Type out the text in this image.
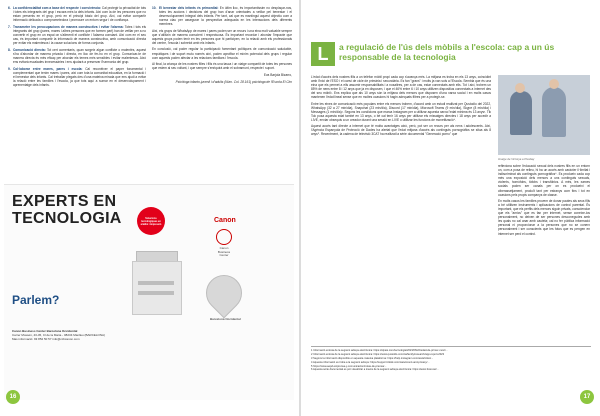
6. La confidencialitat com a base del respecte i convivència: Cal protegir la privacitat de tots i totes els integrants del grup i escara més la dels infants. Així com la de les persones que no estan presents en el grup, però en el principi bàsic del grup. Així, cal evitar compartir informació delicada o comprometedora i promoure un entorn segur i de confiança.
7. Transmetre les preocupacions de manera constructiva i evitar l'alarma: Totes i tots els integrants del grup (pares, mares i altres persones que en formen part) han de vetllar per a no convertir el grup en un espai on s'alimenti el conflicte i l'alarma constant. Així com en el seu cas, és important compartir la informació de manera constructiva, amb comunicació directa per evitar els malentesos i la cause solucions de forma conjunta.
8. Comunicació directa: Tot cert comentaris, quan sorgeix algun conflicte o malentès, aquest s'ha d'abordar de manera privada i directa, en lloc de fer-ho en el grup. Comunicar-te de manera directa és més eficaç per abordar els temes més sensibles i evitar malentesos. Això ens evitarà escalades innecessàries i ens ajudarà a preservar l'harmonia del grup.
9. Col·laborar entre mares, pares i escola: Cal reconèixer el paper fonamental i complementari que tenim mares i pares, així com tota la comunitat educativa, en la formació i el benestar dels infants. Cal treballar plegats des d'una mateixa mirada que ens ajudi a evitar la relació entre les famílies i l'escola, ja que tots aquí a sumar en el desenvolupament i aprenentatge dels infants.
10. El benestar dels infants és primordial: En últim lloc, és importantíssim no desplaçar-nos, totes les accions i decisions del grup han d'anar orientades a vetllar pel benestar i el desenvolupament integral dels infants. Per tant, cal que es mantingui aquest objectiu com a norma clau per assegurar la perspectiva adequada en les interaccions dels diferents membres.

Així, els grups de WhatsApp de mares i pares poden ser un recurs i una eina molt valuable sempre que s'utilitzin de manera conscient i respectuosa. És important recordar i abordar l'impacte que aquests grups poden tenir en les persones que hi participen, en la relació amb els professionals del centre, l'escola i sobretot amb els infants.

En conclusió, cal poder regular la participació fomentant polítiques de comunicació saludable, empàtiques i de suport mutu només així, poden aprofitar el mínim potencial dels grups i regular com aquests poden afectar a les relacions familiars i l'escola.

Al final, la criança de les nostres filles i fills és una tasca i un viatge compartit de totes les persones que estem al seu voltant, i que sempre s'enriquirà amb el sobramunt, respecte i suport.

Eva Barjola Bizarro,
Psicòloga infanto-juvenil i d'adults (Núm. Col. 28.161) psicòloga de l'Escola El Cim
EXPERTS EN
TECNOLOGIA	Solucions tecnològiques en anàlisi i impressió	Canon
Canon
Business
Center
Barcelona Occidental
Parlem?
Canon Business Center Barcelona Occidental
Carrer Mossèn, 43-45, Cl de la Maria - 08234 Manlleu (BARCELONA)
Mas informació: 93 852 50 57 info@ccbcanon.com
16
L	a regulació de l'ús dels mòbils a l'escola: cap a un ús responsable de la tecnologia

L'edat d'accés dels nostres fills a un telèfon mòbil propi cada cop s'avança més. La mitjana es troba en els 13 anys, coincidint amb l'inici de l'ESO i el canvi de cicle de primària i secundària. Es fan "grans" i molts ja van sols a l'Escola. Sembla que és una eina que els permet a ells assumir responsabilitats i a nosaltres, per a de cas, estar connectats amb ells. Tot i així, trobem un 85% de nens entre 8 i 12 anys que ja en disposen, i que el 46% entre 6 i 10 anys utilitzen dispositius connectats a internet des del seu mòbil¹. Ens explica que als 10 anys són la mitjana dels menors que disposen d'una xarxa social i en molts casos mantenen l'edat lineal sense que en moltes ocasions hi hagin adequats filtres per a protegir-se.

Entre les eines de comunicació més populars entre els menors trobem, d'acord amb un estudi realitzat per Qustodio del 2022, WhatsApp (32 a 27 min/dia), Snapchat (23 min/dia), Discord (17 min/dia), Microsoft Teams (9 min/dia), Skype (8 min/dia) i Messages (1 min/dia)². Segons les condicions que marca Instagram per a utilitzar aquesta xarxa l'edat mínima és 13 anys³. Tik Tok posa aquesta edat també en 13 anys, o bé cal tenir 16 anys per utilitzar els missatges directes i 18 anys per accedir a LIVE, enviar obsequis a un creador durant una sessió en LIVE o utilitzar les funcions de monetització⁴.

Aquest accés tant directe a internet que té molta avantatges això, però, pot ser un recurs per als nens i adolescents. Així, l'Agència Espanyola de Protecció de Dades ha alertat que l'edat mitjana d'accés als continguts pornogràfics se situa als 8 anys⁵. Recentment, la cadena de televisió 3CAT ha realitzat la sèrie documental "Generació porno" que

Imatge de Victorya a Pixabay

reflexiona sobre l'educació sexual dels nostres fills en un entorn on, com a posa de relleu, hi ha un accés amb caràcter il·limitat i indiscriminat als continguts pornogràfics⁶. Es produeix cada cop més una exposició dels menors a uns continguts sexuals, violents, homòfobs, tòfobs i transfòbics. A més, les xarxes socials poden ser canals per on es produeixi el ciberassetjament, produït tant per estranys com fins i tot en ocasions pels propis companys de classe.

En molts casos les famílies provem de donar pautes als seus fills a bé utilitzen instruments i aplicacions de control parental. És important, que els perfils dels menors siguin privats, conscienciar que els "amics" que es fan per internet, sense coneixe-los personalment, no deixen de ser persones desconegudes amb les quals no cal anar amb cautela; cal no fer pública informació personal ni proporcionar a la persones que no se conerx personalment i ser conscients que les fotos que es pengen en internet ser perd el control.

1 Informació extreta de la següent adreça electrònica: https://elpais.com/tecnologia/2023/06/22/edad-de-primer-movil...
2 Informació extreta de la següent adreça electrònica: https://www.qustodio.com/ca/family/research/app-report-2023
3 Segons la informació disponible en aquesta mateixa plataforma: https://help.instagram.com/es/articles/...
4 Aquesta informació es troba a la següent adreça: https://support.tiktok.com/ca/account-and-privacy/...
5 https://www.aepd.es/prensa-y-comunicacion/notas-de-prensa/...
6 Aquesta sèrie documental es pot visualitzar a través de la següent adreça electrònica: https://www.3cat.cat/...
17
